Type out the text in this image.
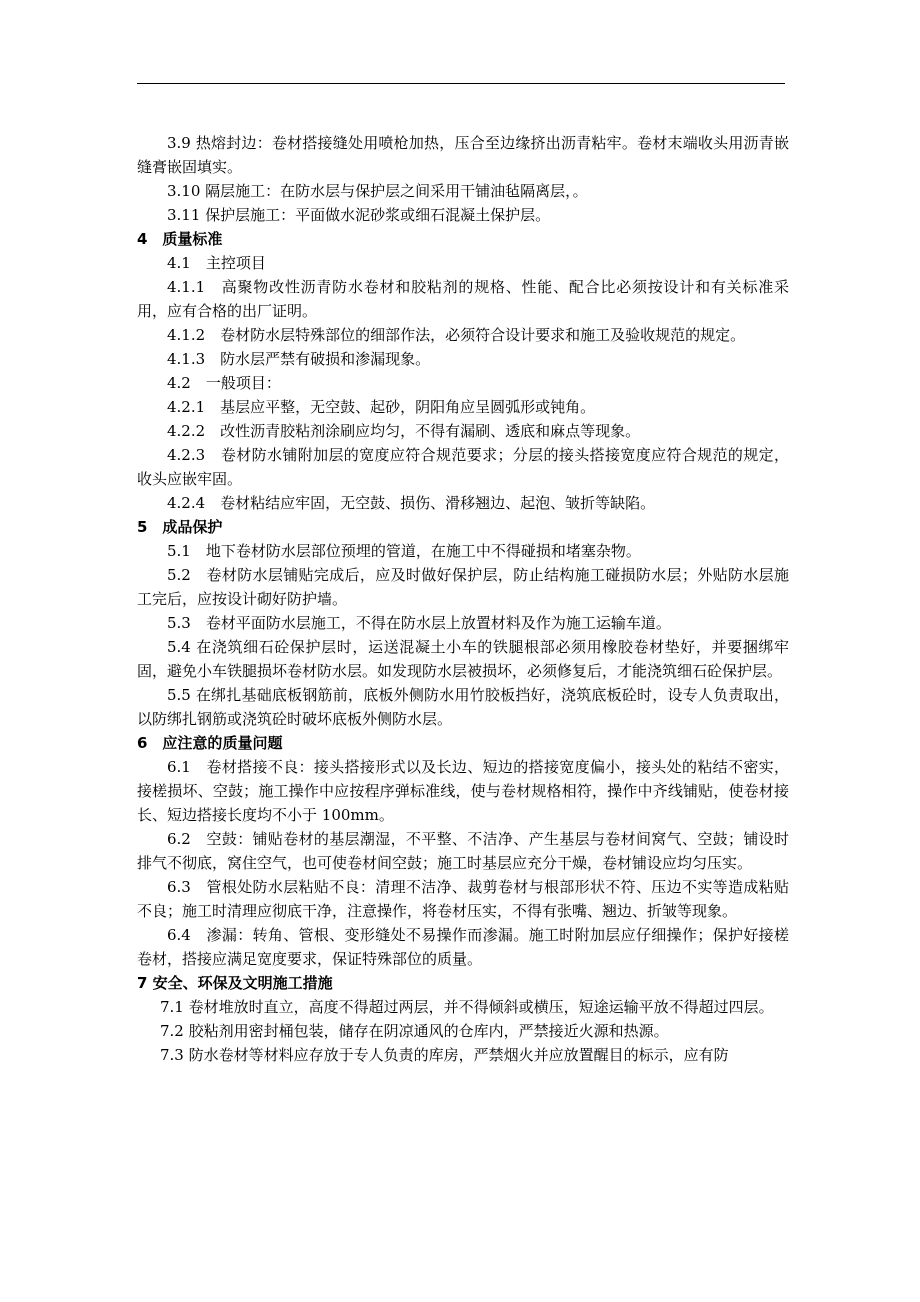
3.9 热熔封边：卷材搭接缝处用喷枪加热，压合至边缘挤出沥青粘牢。卷材末端收头用沥青嵌缝膏嵌固填实。

3.10 隔层施工：在防水层与保护层之间采用干铺油毡隔离层，。

3.11 保护层施工：平面做水泥砂浆或细石混凝土保护层。

4　质量标准

4.1　主控项目

4.1.1　高聚物改性沥青防水卷材和胶粘剂的规格、性能、配合比必须按设计和有关标准采用，应有合格的出厂证明。

4.1.2　卷材防水层特殊部位的细部作法，必须符合设计要求和施工及验收规范的规定。

4.1.3　防水层严禁有破损和渗漏现象。

4.2　一般项目：

4.2.1　基层应平整，无空鼓、起砂，阴阳角应呈圆弧形或钝角。

4.2.2　改性沥青胶粘剂涂刷应均匀，不得有漏刷、透底和麻点等现象。

4.2.3　卷材防水铺附加层的宽度应符合规范要求；分层的接头搭接宽度应符合规范的规定，收头应嵌牢固。

4.2.4　卷材粘结应牢固，无空鼓、损伤、滑移翘边、起泡、皱折等缺陷。

5　成品保护

5.1　地下卷材防水层部位预埋的管道，在施工中不得碰损和堵塞杂物。

5.2　卷材防水层铺贴完成后，应及时做好保护层，防止结构施工碰损防水层；外贴防水层施工完后，应按设计砌好防护墙。

5.3　卷材平面防水层施工，不得在防水层上放置材料及作为施工运输车道。

5.4 在浇筑细石砼保护层时，运送混凝土小车的铁腿根部必须用橡胶卷材垫好，并要捆绑牢固，避免小车铁腿损坏卷材防水层。如发现防水层被损坏，必须修复后，才能浇筑细石砼保护层。

5.5 在绑扎基础底板钢筋前，底板外侧防水用竹胶板挡好，浇筑底板砼时，设专人负责取出，以防绑扎钢筋或浇筑砼时破坏底板外侧防水层。

6　应注意的质量问题

6.1　卷材搭接不良：接头搭接形式以及长边、短边的搭接宽度偏小，接头处的粘结不密实，接槎损坏、空鼓；施工操作中应按程序弹标准线，使与卷材规格相符，操作中齐线铺贴，使卷材接长、短边搭接长度均不小于 100mm。

6.2　空鼓：铺贴卷材的基层潮湿，不平整、不洁净、产生基层与卷材间窝气、空鼓；铺设时排气不彻底，窝住空气，也可使卷材间空鼓；施工时基层应充分干燥，卷材铺设应均匀压实。

6.3　管根处防水层粘贴不良：清理不洁净、裁剪卷材与根部形状不符、压边不实等造成粘贴不良；施工时清理应彻底干净，注意操作，将卷材压实，不得有张嘴、翘边、折皱等现象。

6.4　渗漏：转角、管根、变形缝处不易操作而渗漏。施工时附加层应仔细操作；保护好接槎卷材，搭接应满足宽度要求，保证特殊部位的质量。

7 安全、环保及文明施工措施

7.1 卷材堆放时直立，高度不得超过两层，并不得倾斜或横压，短途运输平放不得超过四层。

7.2 胶粘剂用密封桶包装，储存在阴凉通风的仓库内，严禁接近火源和热源。

7.3 防水卷材等材料应存放于专人负责的库房，严禁烟火并应放置醒目的标示，应有防
